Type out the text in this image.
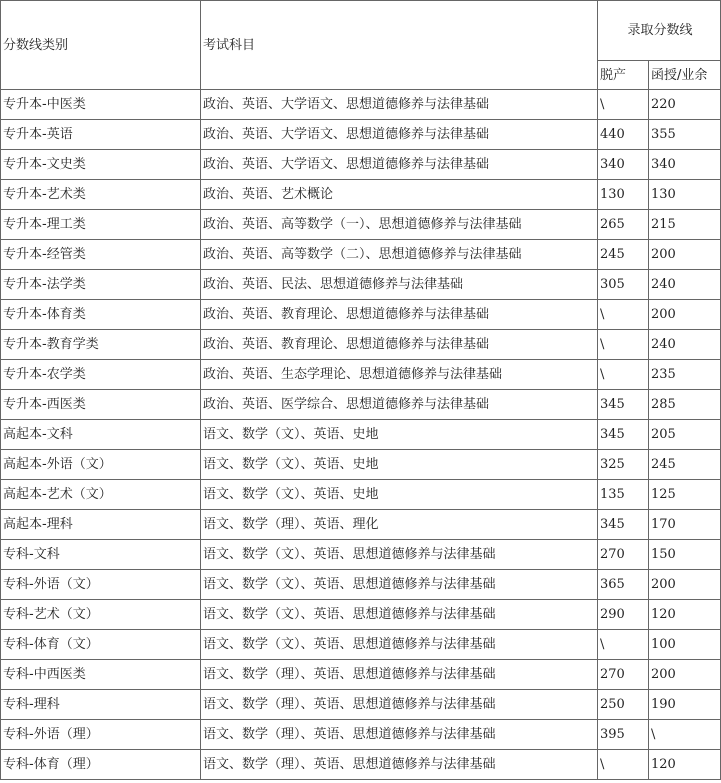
分数线类别	考试科目	录取分数线	
		脱产	函授/业余
专升本-中医类	政治、英语、大学语文、思想道德修养与法律基础	\	220
专升本-英语	政治、英语、大学语文、思想道德修养与法律基础	440	355
专升本-文史类	政治、英语、大学语文、思想道德修养与法律基础	340	340
专升本-艺术类	政治、英语、艺术概论	130	130
专升本-理工类	政治、英语、高等数学（一）、思想道德修养与法律基础	265	215
专升本-经管类	政治、英语、高等数学（二）、思想道德修养与法律基础	245	200
专升本-法学类	政治、英语、民法、思想道德修养与法律基础	305	240
专升本-体育类	政治、英语、教育理论、思想道德修养与法律基础	\	200
专升本-教育学类	政治、英语、教育理论、思想道德修养与法律基础	\	240
专升本-农学类	政治、英语、生态学理论、思想道德修养与法律基础	\	235
专升本-西医类	政治、英语、医学综合、思想道德修养与法律基础	345	285
高起本-文科	语文、数学（文）、英语、史地	345	205
高起本-外语（文）	语文、数学（文）、英语、史地	325	245
高起本-艺术（文）	语文、数学（文）、英语、史地	135	125
高起本-理科	语文、数学（理）、英语、理化	345	170
专科-文科	语文、数学（文）、英语、思想道德修养与法律基础	270	150
专科-外语（文）	语文、数学（文）、英语、思想道德修养与法律基础	365	200
专科-艺术（文）	语文、数学（文）、英语、思想道德修养与法律基础	290	120
专科-体育（文）	语文、数学（文）、英语、思想道德修养与法律基础	\	100
专科-中西医类	语文、数学（理）、英语、思想道德修养与法律基础	270	200
专科-理科	语文、数学（理）、英语、思想道德修养与法律基础	250	190
专科-外语（理）	语文、数学（理）、英语、思想道德修养与法律基础	395	\
专科-体育（理）	语文、数学（理）、英语、思想道德修养与法律基础	\	120
